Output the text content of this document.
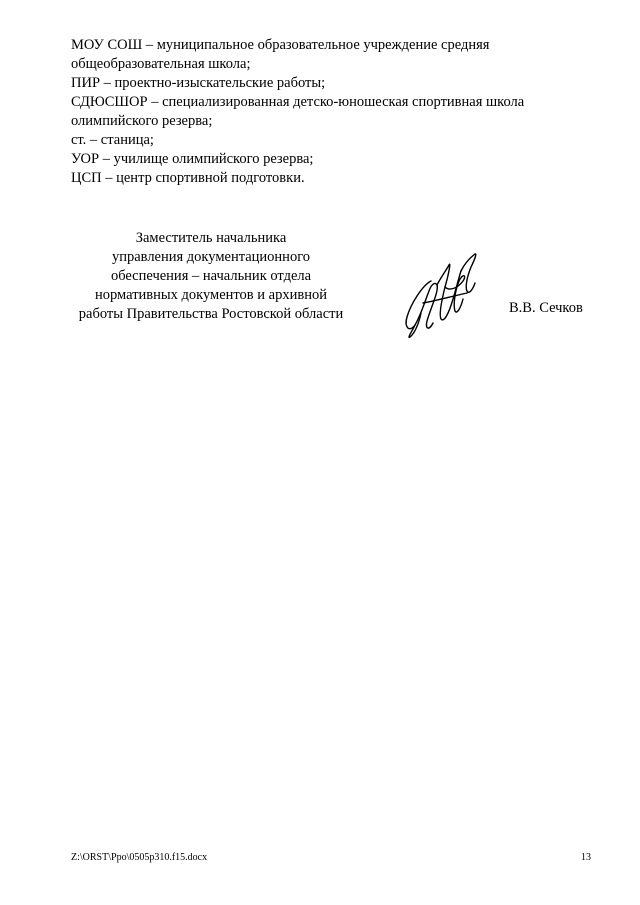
МОУ СОШ – муниципальное образовательное учреждение средняя
общеобразовательная школа;
ПИР – проектно-изыскательские работы;
СДЮСШОР – специализированная детско-юношеская спортивная школа
олимпийского резерва;
ст. – станица;
УОР – училище олимпийского резерва;
ЦСП – центр спортивной подготовки.
Заместитель начальника
управления документационного
обеспечения – начальник отдела
нормативных документов и архивной
работы Правительства Ростовской области	В.В. Сечков
Z:\ORST\Ppo\0505p310.f15.docx	13
